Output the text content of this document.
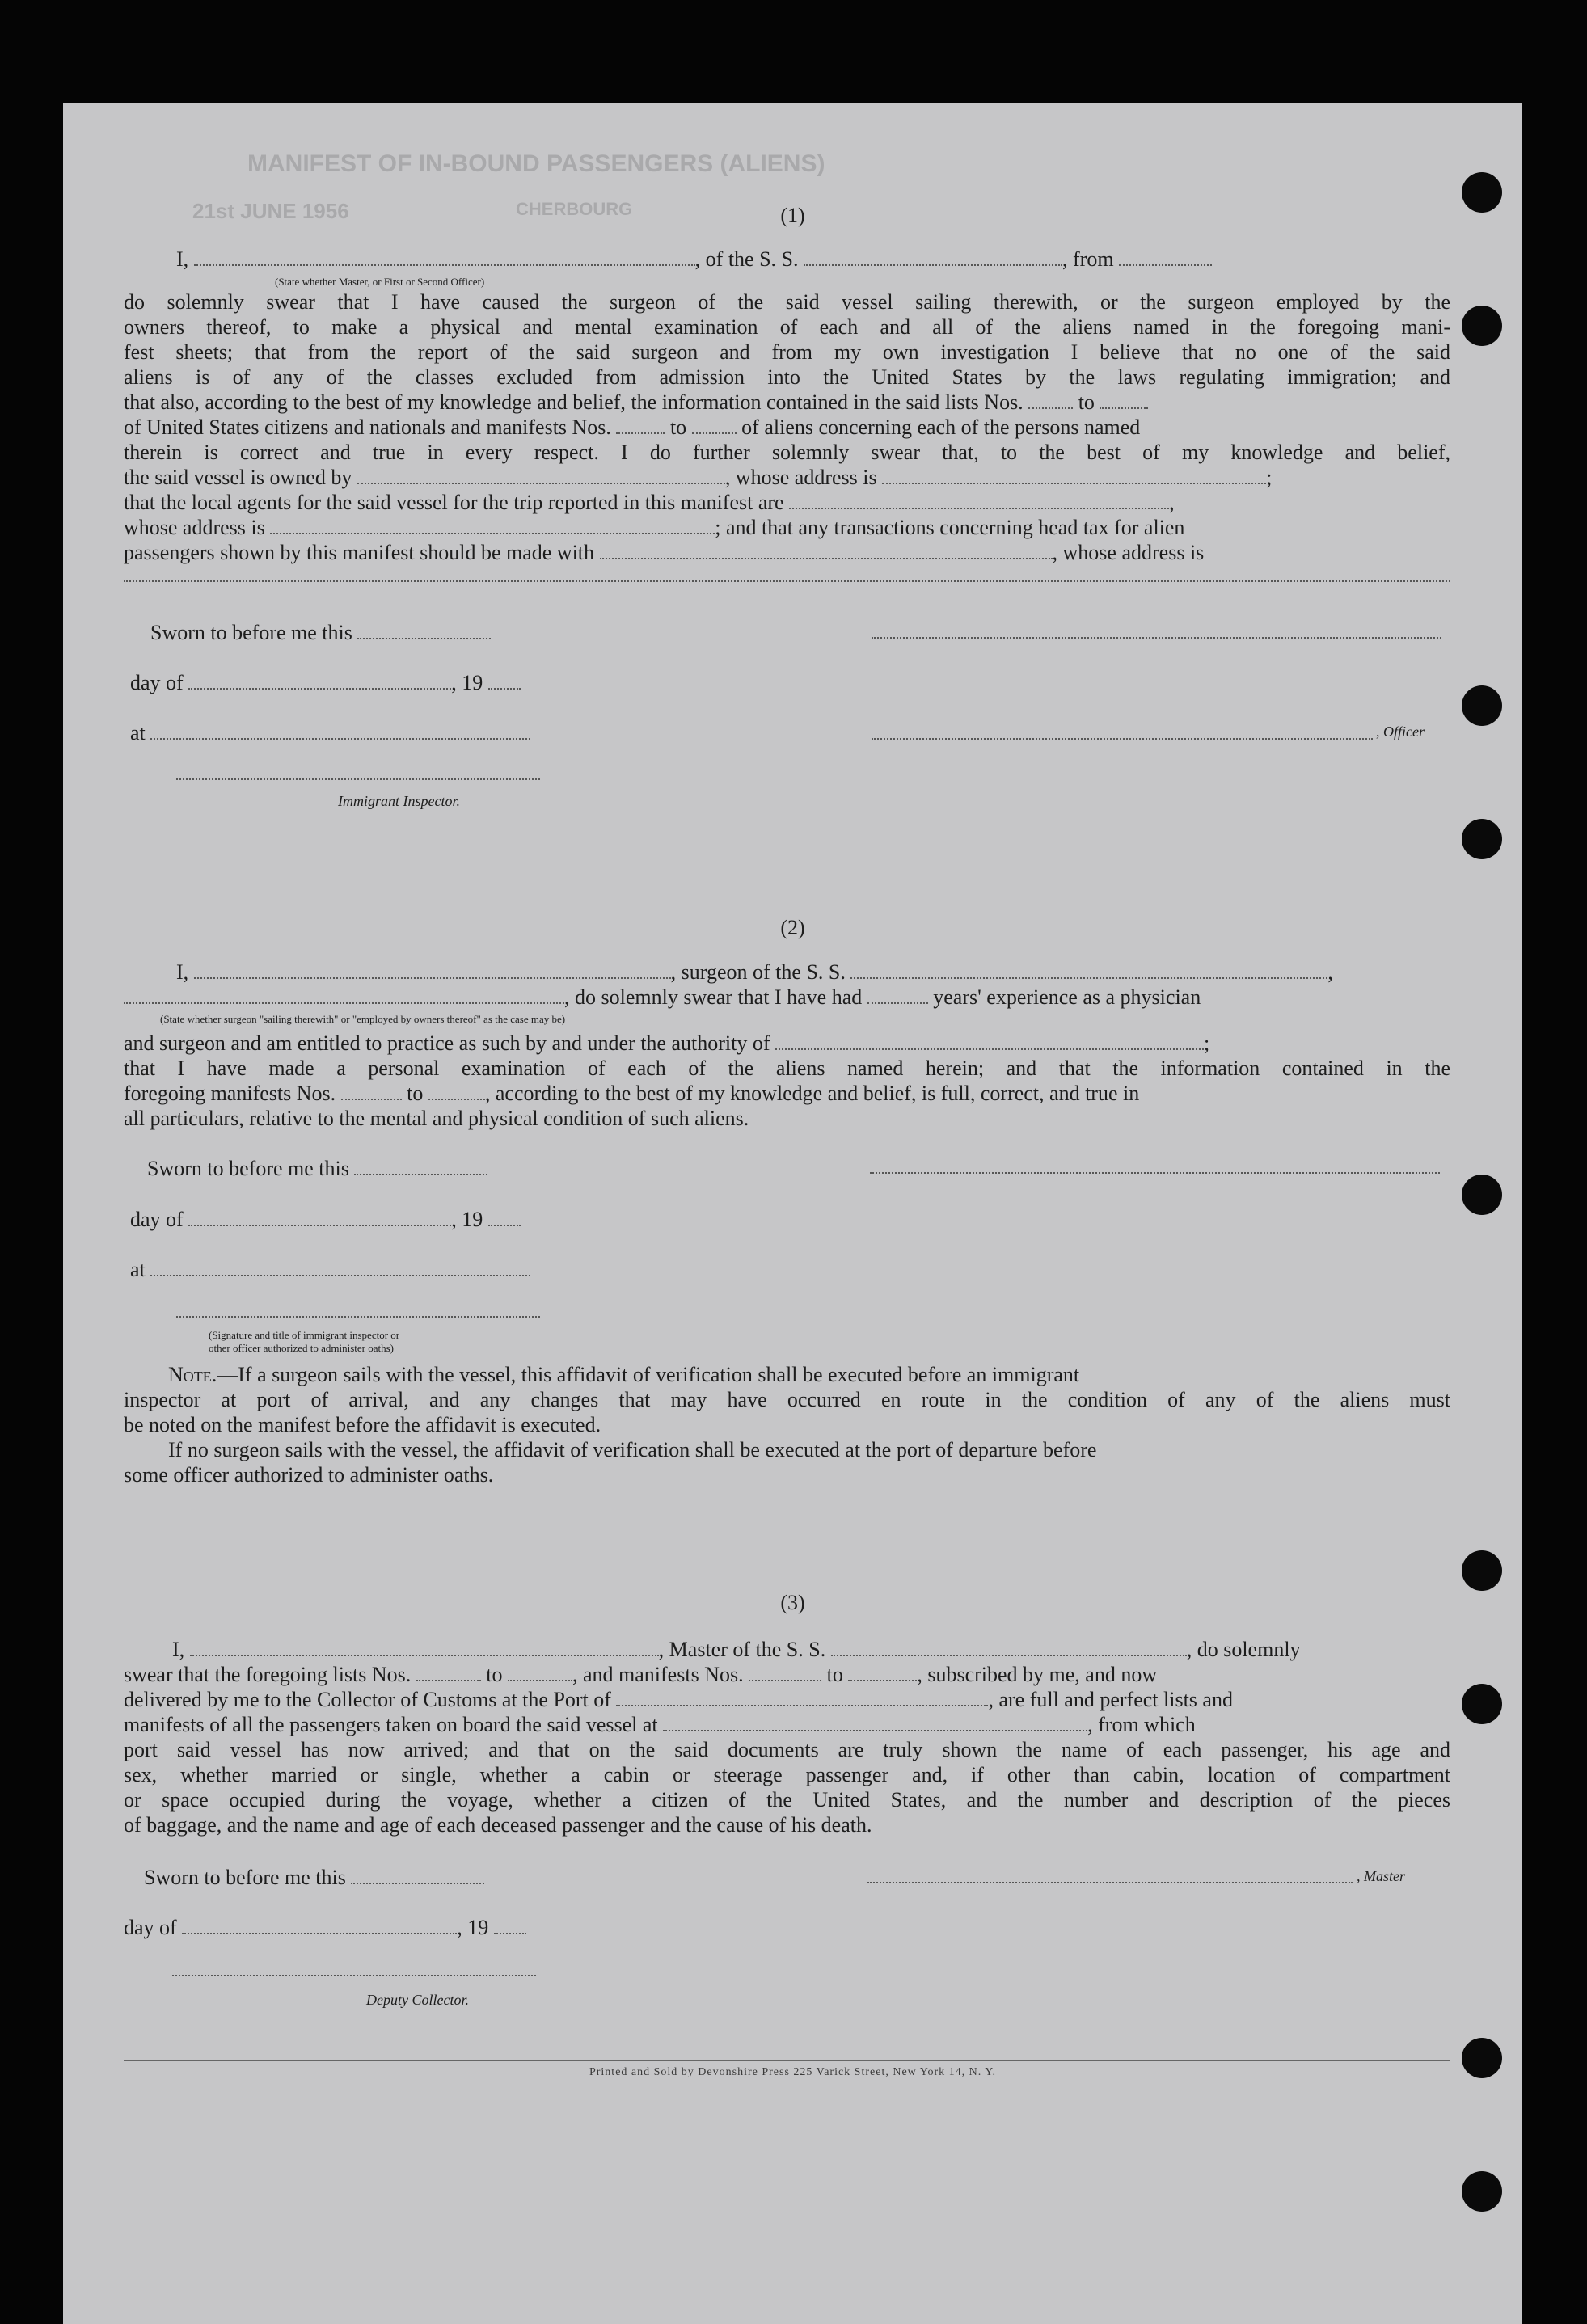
MANIFEST OF IN-BOUND PASSENGERS (ALIENS)
CHERBOURG
21st JUNE 1956	(1)
I,	, of the S. S.	, from
(State whether Master, or First or Second Officer)
do solemnly swear that I have caused the surgeon of the said vessel sailing therewith, or the surgeon employed by the
owners thereof, to make a physical and mental examination of each and all of the aliens named in the foregoing mani-
fest sheets; that from the report of the said surgeon and from my own investigation I believe that no one of the said
aliens is of any of the classes excluded from admission into the United States by the laws regulating immigration; and
that also, according to the best of my knowledge and belief, the information contained in the said lists Nos.	to
of United States citizens and nationals and manifests Nos.	to	of aliens concerning each of the persons named
therein is correct and true in every respect. I do further solemnly swear that, to the best of my knowledge and belief,
the said vessel is owned by	, whose address is	;
that the local agents for the said vessel for the trip reported in this manifest are	,
whose address is	; and that any transactions concerning head tax for alien
passengers shown by this manifest should be made with	, whose address is
Sworn to before me this
day of	, 19
at	, Officer
Immigrant Inspector.
(2)
I,	, surgeon of the S. S.	,
, do solemnly swear that I have had	years' experience as a physician
(State whether surgeon "sailing therewith" or "employed by owners thereof" as the case may be)
and surgeon and am entitled to practice as such by and under the authority of	;
that I have made a personal examination of each of the aliens named herein; and that the information contained in the
foregoing manifests Nos.	to	, according to the best of my knowledge and belief, is full, correct, and true in
all particulars, relative to the mental and physical condition of such aliens.
Sworn to before me this
day of	, 19
at
(Signature and title of immigrant inspector or
other officer authorized to administer oaths)
Note.—If a surgeon sails with the vessel, this affidavit of verification shall be executed before an immigrant
inspector at port of arrival, and any changes that may have occurred en route in the condition of any of the aliens must
be noted on the manifest before the affidavit is executed.
If no surgeon sails with the vessel, the affidavit of verification shall be executed at the port of departure before
some officer authorized to administer oaths.
(3)
I,	, Master of the S. S.	, do solemnly
swear that the foregoing lists Nos.	to	, and manifests Nos.	to	, subscribed by me, and now
delivered by me to the Collector of Customs at the Port of	, are full and perfect lists and
manifests of all the passengers taken on board the said vessel at	, from which
port said vessel has now arrived; and that on the said documents are truly shown the name of each passenger, his age and
sex, whether married or single, whether a cabin or steerage passenger and, if other than cabin, location of compartment
or space occupied during the voyage, whether a citizen of the United States, and the number and description of the pieces
of baggage, and the name and age of each deceased passenger and the cause of his death.
Sworn to before me this	, Master
day of	, 19
Deputy Collector.
Printed and Sold by Devonshire Press 225 Varick Street, New York 14, N. Y.
